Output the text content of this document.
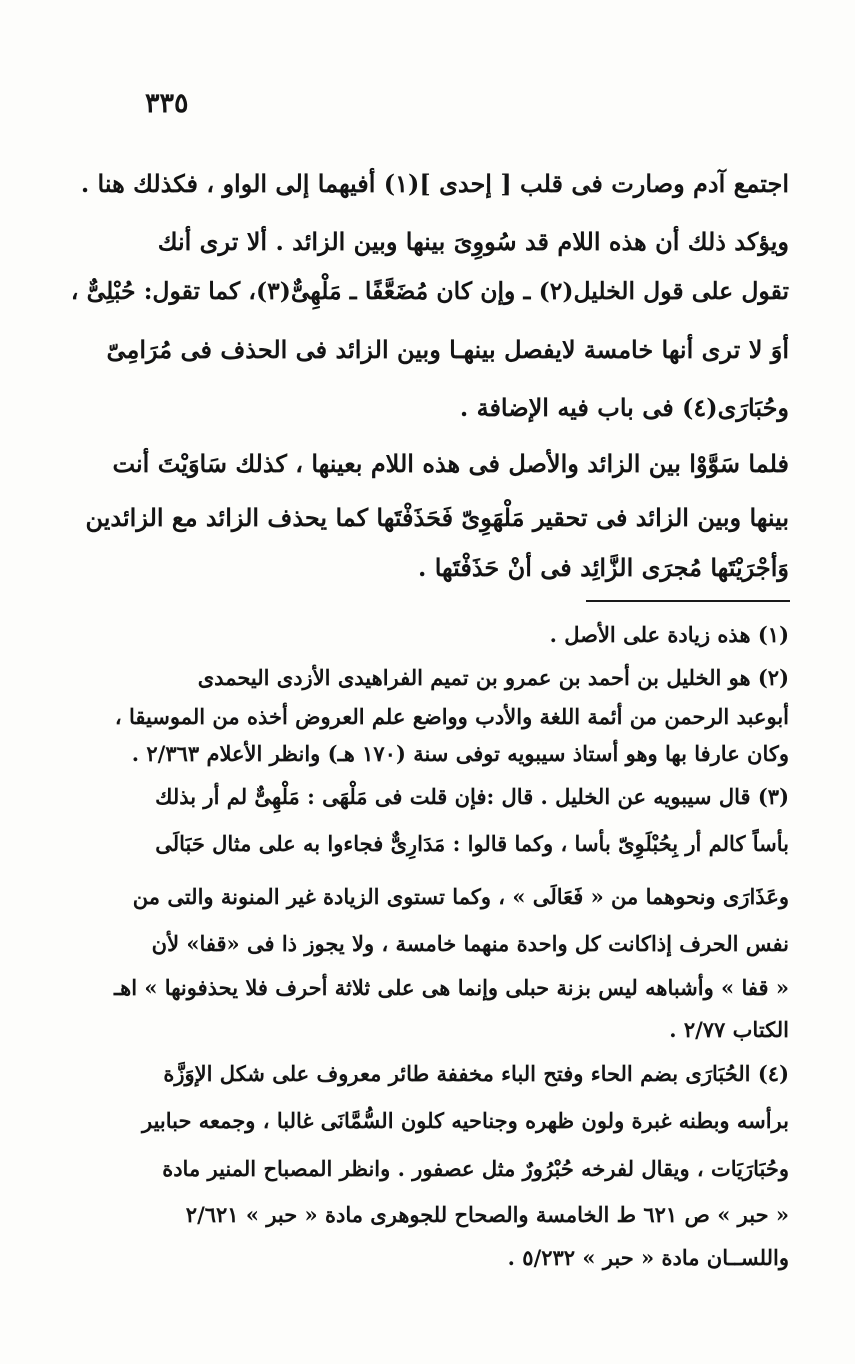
٣٣٥
اجتمع آدم وصارت فى قلب [ إحدى ](١) أفيهما إلى الواو ، فكذلك هنا .
ويؤكد ذلك أن هذه اللام قد سُووِىَ بينها وبين الزائد . ألا ترى أنك
تقول على قول الخليل(٢) ـ وإن كان مُضَعَّفًا ـ مَلْهِىٌّ(٣)، كما تقول: حُبْلِىٌّ ،
أوَ لا ترى أنها خامسة لايفصل بينهـا وبين الزائد فى الحذف فى مُرَامِىّ
وحُبَارَى(٤) فى باب فيه الإضافة .
فلما سَوَّوْا بين الزائد والأصل فى هذه اللام بعينها ، كذلك سَاوَيْتَ أنت
بينها وبين الزائد فى تحقير مَلْهَوِىّ فَحَذَفْتَها كما يحذف الزائد مع الزائدين
وَأجْرَيْتَها مُجرَى الزَّائِد فى أنْ حَذَفْتَها .
(١) هذه زيادة على الأصل .
(٢) هو الخليل بن أحمد بن عمرو بن تميم الفراهيدى الأزدى اليحمدى
أبوعبد الرحمن من أئمة اللغة والأدب وواضع علم العروض أخذه من الموسيقا ،
وكان عارفا بها وهو أستاذ سيبويه توفى سنة (١٧٠ هـ) وانظر الأعلام ٢/٣٦٣ .
(٣) قال سيبويه عن الخليل . قال :فإن قلت فى مَلْهَى : مَلْهِىٌّ لم أر بذلك
بأساً كالم أر بِحُبْلَوِىّ بأسا ، وكما قالوا : مَدَارِىٌّ فجاءوا به على مثال حَبَالَى
وعَذَارَى ونحوهما من « فَعَالَى » ، وكما تستوى الزيادة غير المنونة والتى من
نفس الحرف إذاكانت كل واحدة منهما خامسة ، ولا يجوز ذا فى «قفا» لأن
« قفا » وأشباهه ليس بزنة حبلى وإنما هى على ثلاثة أحرف فلا يحذفونها » اهـ
الكتاب ٢/٧٧ .
(٤) الحُبَارَى بضم الحاء وفتح الباء مخففة طائر معروف على شكل الإوَزَّة
برأسه وبطنه غبرة ولون ظهره وجناحيه كلون السُّمَّانَى غالبا ، وجمعه حبابير
وحُبَارَيَات ، ويقال لفرخه حُبْرُورٌ مثل عصفور . وانظر المصباح المنير مادة
« حبر » ص ٦٢١ ط الخامسة والصحاح للجوهرى مادة « حبر » ٢/٦٢١
واللســان مادة « حبر » ٥/٢٣٢ .
